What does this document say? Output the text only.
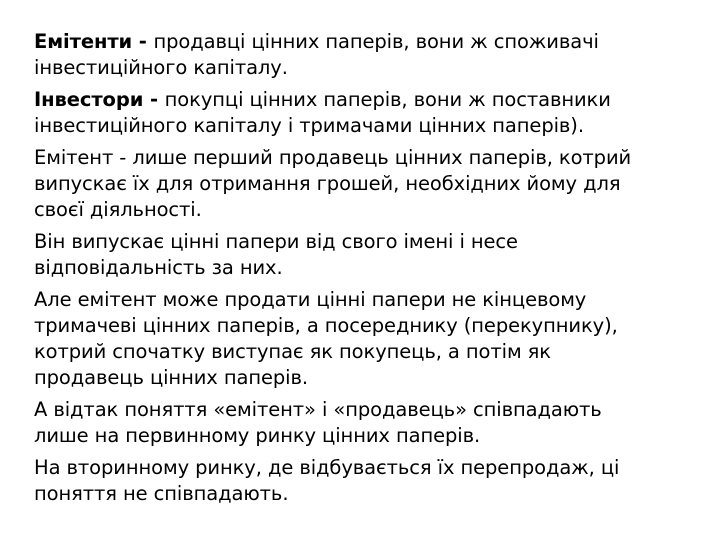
Емітенти - продавці цінних паперів, вони ж споживачі
інвестиційного капіталу.

Інвестори - покупці цінних паперів, вони ж поставники
інвестиційного капіталу і тримачами цінних паперів).

Емітент - лише перший продавець цінних паперів, котрий
випускає їх для отримання грошей, необхідних йому для
своєї діяльності.

Він випускає цінні папери від свого імені і несе
відповідальність за них.

Але емітент може продати цінні папери не кінцевому
тримачеві цінних паперів, а посереднику (перекупнику),
котрий спочатку виступає як покупець, а потім як
продавець цінних паперів.

А відтак поняття «емітент» і «продавець» співпадають
лише на первинному ринку цінних паперів.

На вторинному ринку, де відбувається їх перепродаж, ці
поняття не співпадають.
